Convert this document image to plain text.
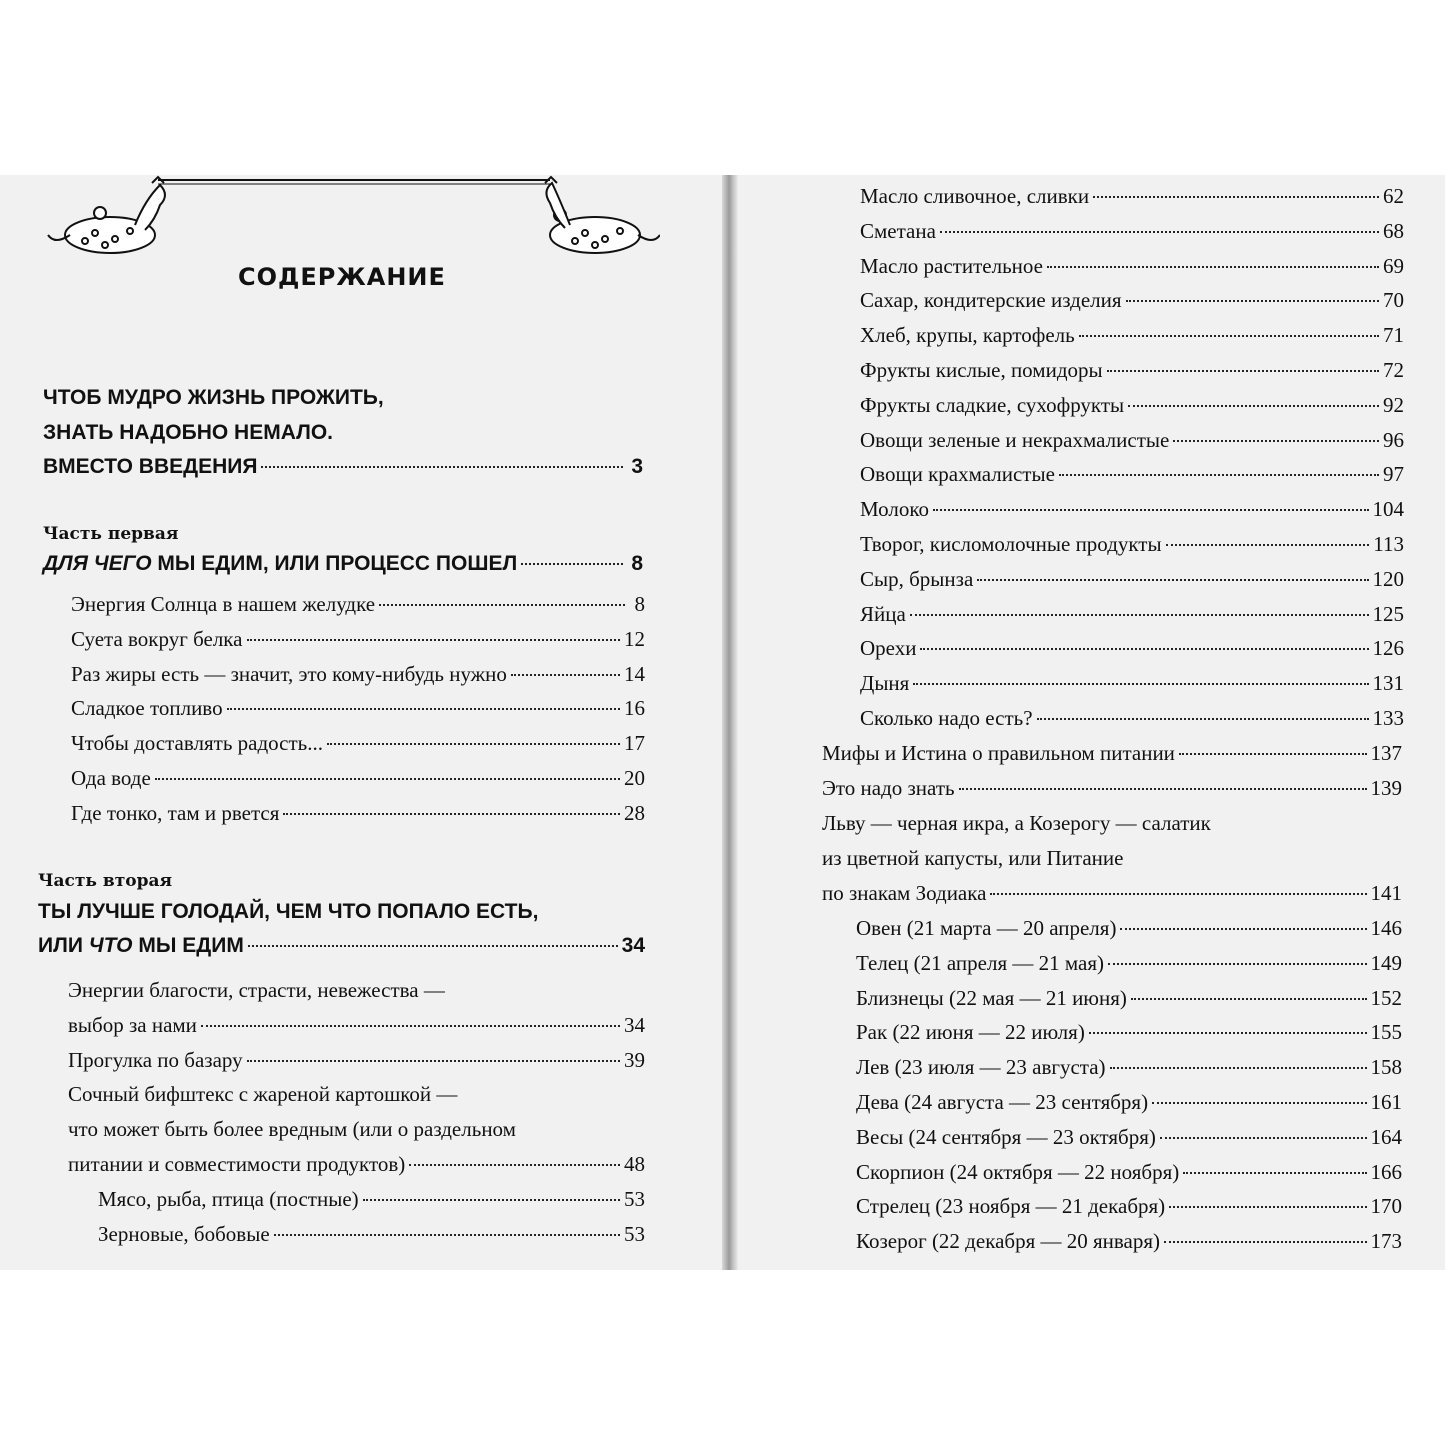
СОДЕРЖАНИЕ
ЧТОБ МУДРО ЖИЗНЬ ПРОЖИТЬ,
ЗНАТЬ НАДОБНО НЕМАЛО.
ВМЕСТО ВВЕДЕНИЯ	3
Часть первая
ДЛЯ ЧЕГО МЫ ЕДИМ, ИЛИ ПРОЦЕСС ПОШЕЛ	8
Энергия Солнца в нашем желудке	8
Суета вокруг белка	12
Раз жиры есть — значит, это кому-нибудь нужно	14
Сладкое топливо	16
Чтобы доставлять радость...	17
Ода воде	20
Где тонко, там и рвется	28
Часть вторая
ТЫ ЛУЧШЕ ГОЛОДАЙ, ЧЕМ ЧТО ПОПАЛО ЕСТЬ,
ИЛИ ЧТО МЫ ЕДИМ	34
Энергии благости, страсти, невежества —
выбор за нами	34
Прогулка по базару	39
Сочный бифштекс с жареной картошкой —
что может быть более вредным (или о раздельном
питании и совместимости продуктов)	48
Мясо, рыба, птица (постные)	53
Зерновые, бобовые	53
Масло сливочное, сливки	62
Сметана	68
Масло растительное	69
Сахар, кондитерские изделия	70
Хлеб, крупы, картофель	71
Фрукты кислые, помидоры	72
Фрукты сладкие, сухофрукты	92
Овощи зеленые и некрахмалистые	96
Овощи крахмалистые	97
Молоко	104
Творог, кисломолочные продукты	113
Сыр, брынза	120
Яйца	125
Орехи	126
Дыня	131
Сколько надо есть?	133
Мифы и Истина о правильном питании	137
Это надо знать	139
Льву — черная икра, а Козерогу — салатик
из цветной капусты, или Питание
по знакам Зодиака	141
Овен (21 марта — 20 апреля)	146
Телец (21 апреля — 21 мая)	149
Близнецы (22 мая — 21 июня)	152
Рак (22 июня — 22 июля)	155
Лев (23 июля — 23 августа)	158
Дева (24 августа — 23 сентября)	161
Весы (24 сентября — 23 октября)	164
Скорпион (24 октября — 22 ноября)	166
Стрелец (23 ноября — 21 декабря)	170
Козерог (22 декабря — 20 января)	173
